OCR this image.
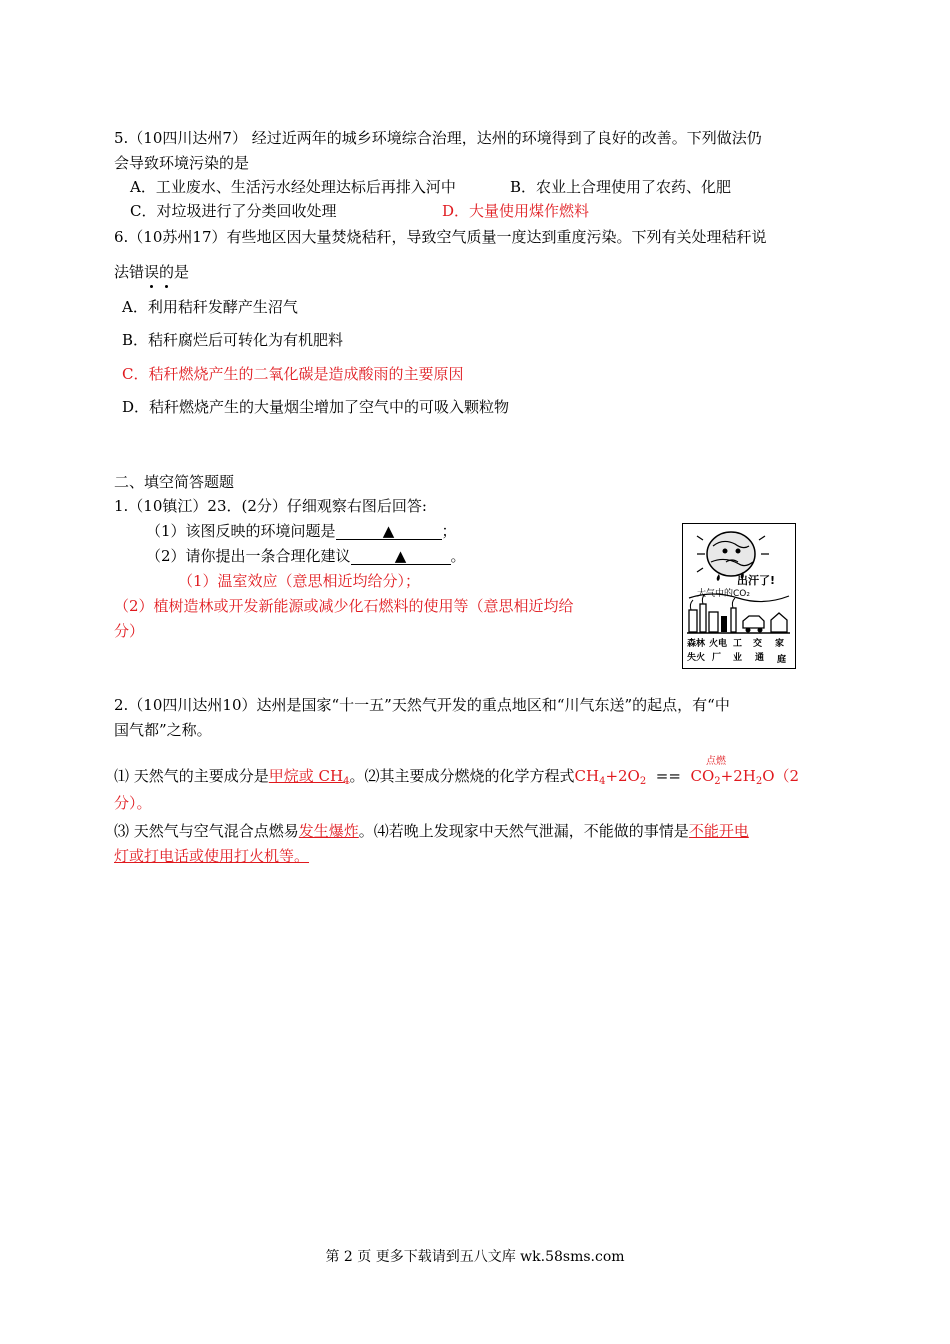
5.（10四川达州7） 经过近两年的城乡环境综合治理，达州的环境得到了良好的改善。下列做法仍
会导致环境污染的是
A．工业废水、生活污水经处理达标后再排入河中	B．农业上合理使用了农药、化肥
C．对垃圾进行了分类回收处理	D．大量使用煤作燃料
6.（10苏州17）有些地区因大量焚烧秸秆，导致空气质量一度达到重度污染。下列有关处理秸秆说
法错误的是
A．利用秸秆发酵产生沼气
B．秸秆腐烂后可转化为有机肥料
C．秸秆燃烧产生的二氧化碳是造成酸雨的主要原因
D．秸秆燃烧产生的大量烟尘增加了空气中的可吸入颗粒物
二、填空简答题题
1.（10镇江）23．(2分）仔细观察右图后回答:
（1）该图反映的环境问题是	▲	；
（2）请你提出一条合理化建议	▲	。
（1）温室效应（意思相近均给分）；
（2）植树造林或开发新能源或减少化石燃料的使用等（意思相近均给
分）
出汗了!
大气中的CO₂
森林
失火
火电
厂
工
业
交
通
家
庭
2.（10四川达州10）达州是国家“十一五”天然气开发的重点地区和“川气东送”的起点，有“中
国气都”之称。
点燃
⑴ 天然气的主要成分是甲烷或 $CH_4$。⑵其主要成分燃烧的化学方程式$CH_4+2O_2 == CO_2+2H_2O(2$
分）。
⑶ 天然气与空气混合点燃易发生爆炸。⑷若晚上发现家中天然气泄漏，不能做的事情是不能开电
灯或打电话或使用打火机等。
第 2 页 更多下载请到五八文库 wk.58sms.com
